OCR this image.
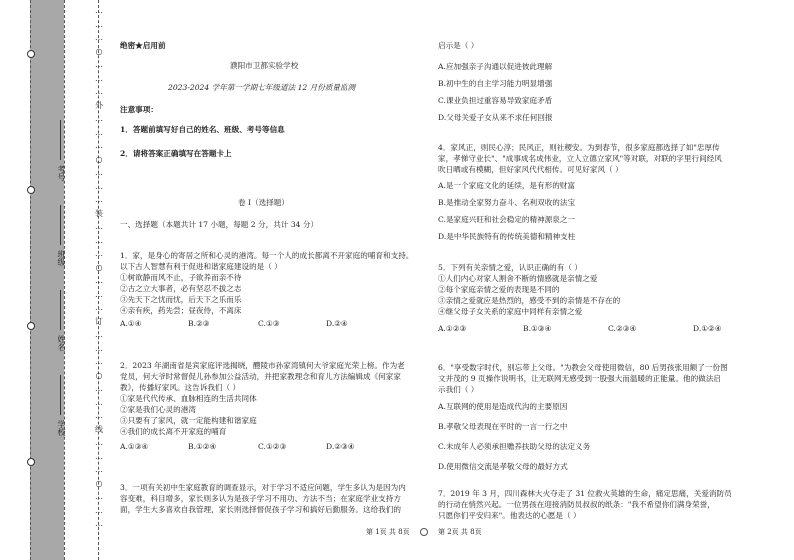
…
…
…
○
…
…
…
外
…
…
…
○
…
…
…
装
…
…
…
○
…
…
…
订
…
…
…
○
…
…
…
线
…
…
…
○
…
…
…
学校
姓名
班级
考号

绝密★启用前

濮阳市卫都实验学校

2023-2024 学年第一学期七年级道法 12 月份质量监测

注意事项：

1．答题前填写好自己的姓名、班级、考号等信息

2．请将答案正确填写在答题卡上

卷 I（选择题）

一、选择题（本题共计 17 小题，每题 2 分，共计 34 分）

1．家，是身心的寄居之所和心灵的港湾。每一个人的成长都离不开家庭的哺育和支持。

以下古人智慧有利于促进和谐家庭建设的是（ ）

①树欲静而风不止，子欲养而亲不待

②古之立大事者，必有坚忍不拔之志

③先天下之忧而忧，后天下之乐而乐

④亲有疾，药先尝；昼夜侍，不离床

A.①④	B.②③	C.①③	D.②④

2．2023 年湖南省是宾家庭评选揭晓，醴陵市孙家湾镇何大爷家庭光荣上榜。作为老

党员，何大爷时常督促儿孙参加公益活动，并把家教理念和育儿方法编辑成《何家家

教》，传播好家风。这告诉我们（ ）

①家是代代传承、血脉相连的生活共同体

②家是我们心灵的港湾

③只要有了家风，就一定能构建和谐家庭

④我们的成长离不开家庭的哺育

A.①③④	B.①②④	C.①②③	D.②③④

3．一项有关初中生家庭教育的调查显示，对于学习不适应问题，学生多认为是因为内

容变难，科目增多，家长则多认为是孩子学习不用功、方法不当；在家庭学业支持方

面，学生大多喜欢自我管理，家长则选择督促孩子学习和搞好后勤服务。这给我们的

启示是（ ）

A.应加强亲子沟通以促进彼此理解

B.初中生的自主学习能力明显增强

C.课业负担过重容易导致家庭矛盾

D.父母关爱子女从来不求任何回报

4．家风正，则民心淳；民风正，则社稷安。为到春节，很多家庭都选择了如"忠厚传

家，孝悌守业长"、"成事成名成伟业，立人立德立家风"等对联，对联的字里行间经风

吹日晒或有模糊，但好家风代代相传。可见好家风（ ）

A.是一个家庭文化的延续，是有形的财富

B.是推动全家努力奋斗、名利双收的法宝

C.是家庭兴旺和社会稳定的精神源泉之一

D.是中华民族特有的传统美德和精神支柱

5．下列有关亲情之爱，认识正确的有（ ）

①人们内心对家人割舍不断的情感就是亲情之爱

②每个家庭亲情之爱的表现是不同的

③亲情之爱就应是热烈的，感受不到的亲情是不存在的

④继父母子女关系的家庭中同样有亲情之爱

A.①②③	B.①③④	C.②③④	D.①②④

6．"享受数字时代，别忘带上父母。"为教会父母使用微信，80 后男孩张用额了一份图

文并茂的 9 页操作说明书，让无联网无感受到一股强大而温暖的正能量。他的做法启

示我们（ ）

A.互联网的使用是造成代沟的主要原因

B.孝敬父母表现在平时的一言一行之中

C.未成年人必须承担赡养扶助父母的法定义务

D.使用微信交流是孝敬父母的最好方式

7．2019 年 3 月，四川森林大火夺走了 31 位救火英雄的生命，痛定思痛，关爱消防员

的行动在悄然兴起。一位男孩在迎接消防员叔叔的纸条："我不希望你们满身荣誉，

只愿你们平安归来"。他表达的心愿是（ ）

第 1页 共 8页	第 2页 共 8页
